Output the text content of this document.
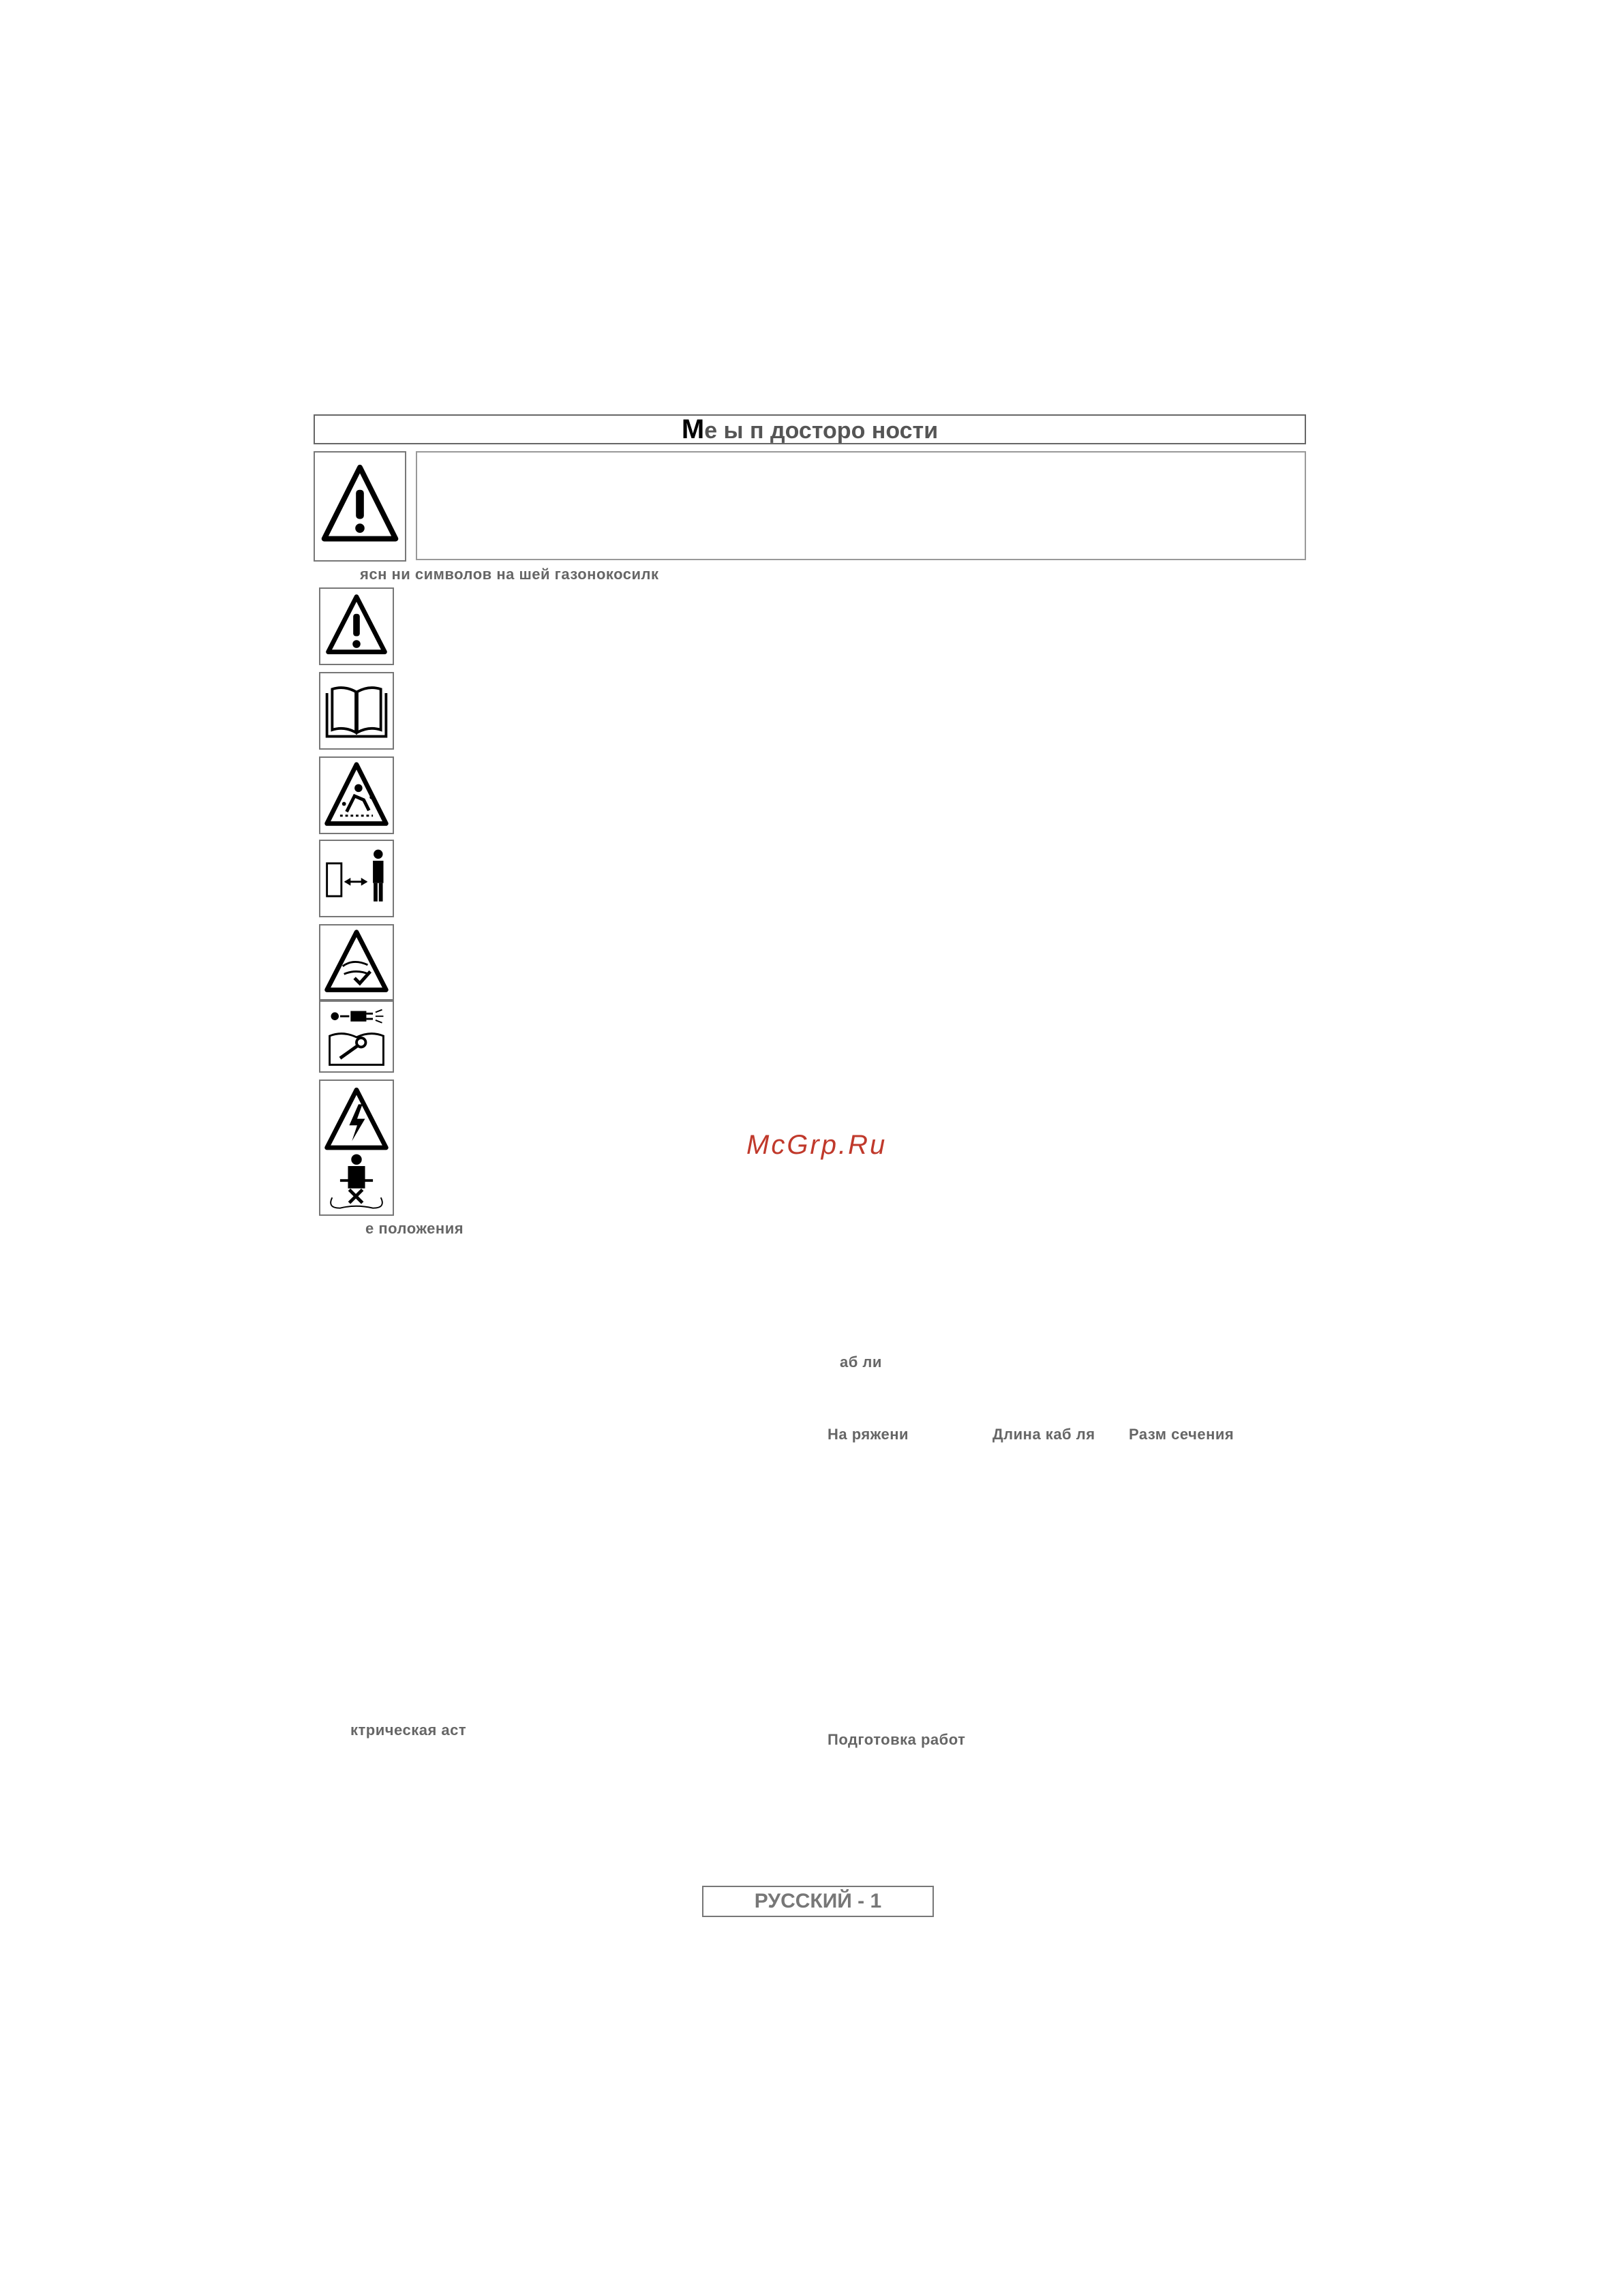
Ме ы п досторо ности
ясн ни символов на шей газонокосилк
е положения
McGrp.Ru
аб ли
На ряжени	Длина каб ля Разм сечения
ктрическая аст
Подготовка работ
РУССКИЙ - 1
